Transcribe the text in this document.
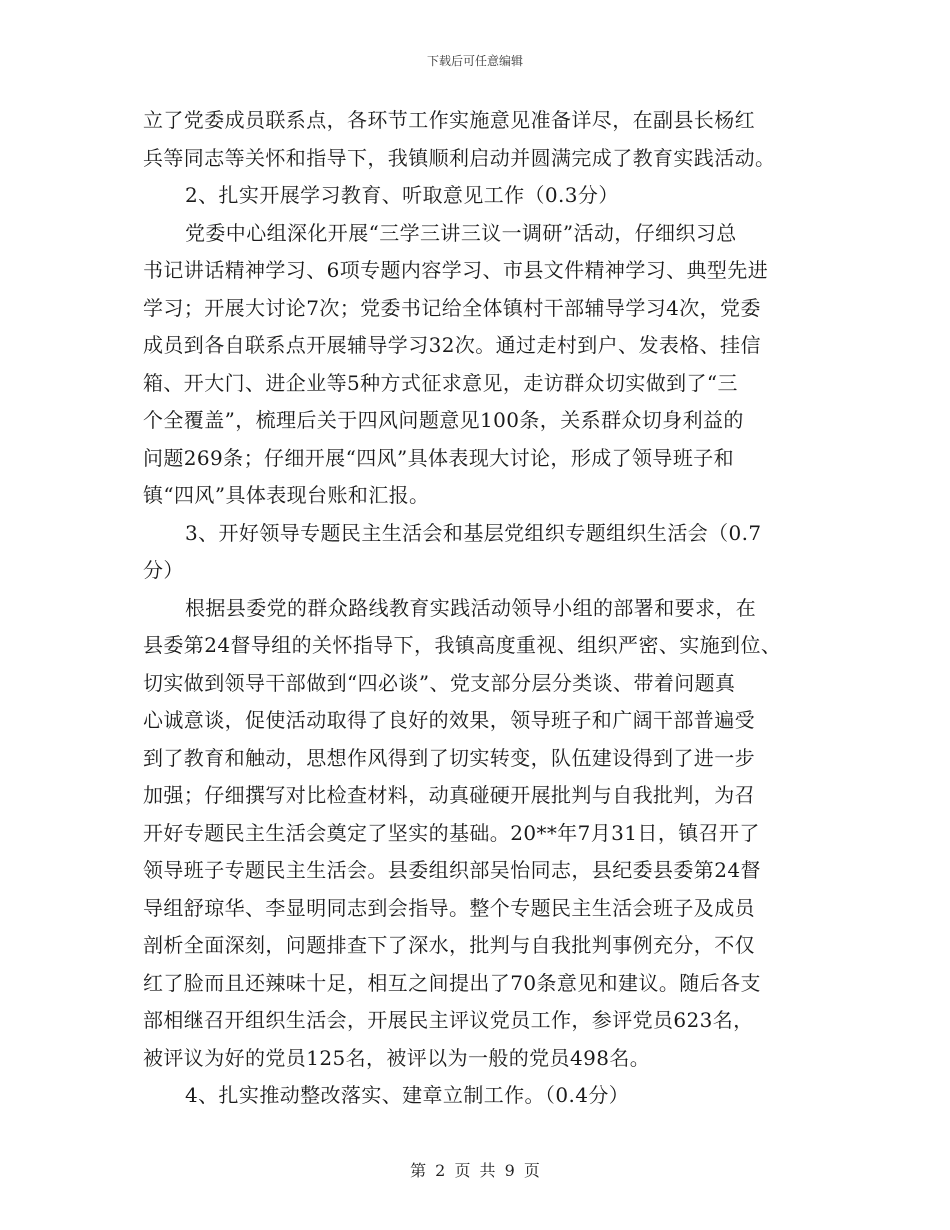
下载后可任意编辑
立了党委成员联系点，各环节工作实施意见准备详尽，在副县长杨红
兵等同志等关怀和指导下，我镇顺利启动并圆满完成了教育实践活动。
2、扎实开展学习教育、听取意见工作（0.3分）
党委中心组深化开展“三学三讲三议一调研”活动，仔细织习总
书记讲话精神学习、6项专题内容学习、市县文件精神学习、典型先进
学习；开展大讨论7次；党委书记给全体镇村干部辅导学习4次，党委
成员到各自联系点开展辅导学习32次。通过走村到户、发表格、挂信
箱、开大门、进企业等5种方式征求意见，走访群众切实做到了“三
个全覆盖”，梳理后关于四风问题意见100条，关系群众切身利益的
问题269条；仔细开展“四风”具体表现大讨论，形成了领导班子和
镇“四风”具体表现台账和汇报。
3、开好领导专题民主生活会和基层党组织专题组织生活会（0.7
分）
根据县委党的群众路线教育实践活动领导小组的部署和要求，在
县委第24督导组的关怀指导下，我镇高度重视、组织严密、实施到位、
切实做到领导干部做到“四必谈”、党支部分层分类谈、带着问题真
心诚意谈，促使活动取得了良好的效果，领导班子和广阔干部普遍受
到了教育和触动，思想作风得到了切实转变，队伍建设得到了进一步
加强；仔细撰写对比检查材料，动真碰硬开展批判与自我批判，为召
开好专题民主生活会奠定了坚实的基础。20**年7月31日，镇召开了
领导班子专题民主生活会。县委组织部吴怡同志，县纪委县委第24督
导组舒琼华、李显明同志到会指导。整个专题民主生活会班子及成员
剖析全面深刻，问题排查下了深水，批判与自我批判事例充分，不仅
红了脸而且还辣味十足，相互之间提出了70条意见和建议。随后各支
部相继召开组织生活会，开展民主评议党员工作，参评党员623名，
被评议为好的党员125名，被评以为一般的党员498名。
4、扎实推动整改落实、建章立制工作。（0.4分）
第 2 页 共 9 页
